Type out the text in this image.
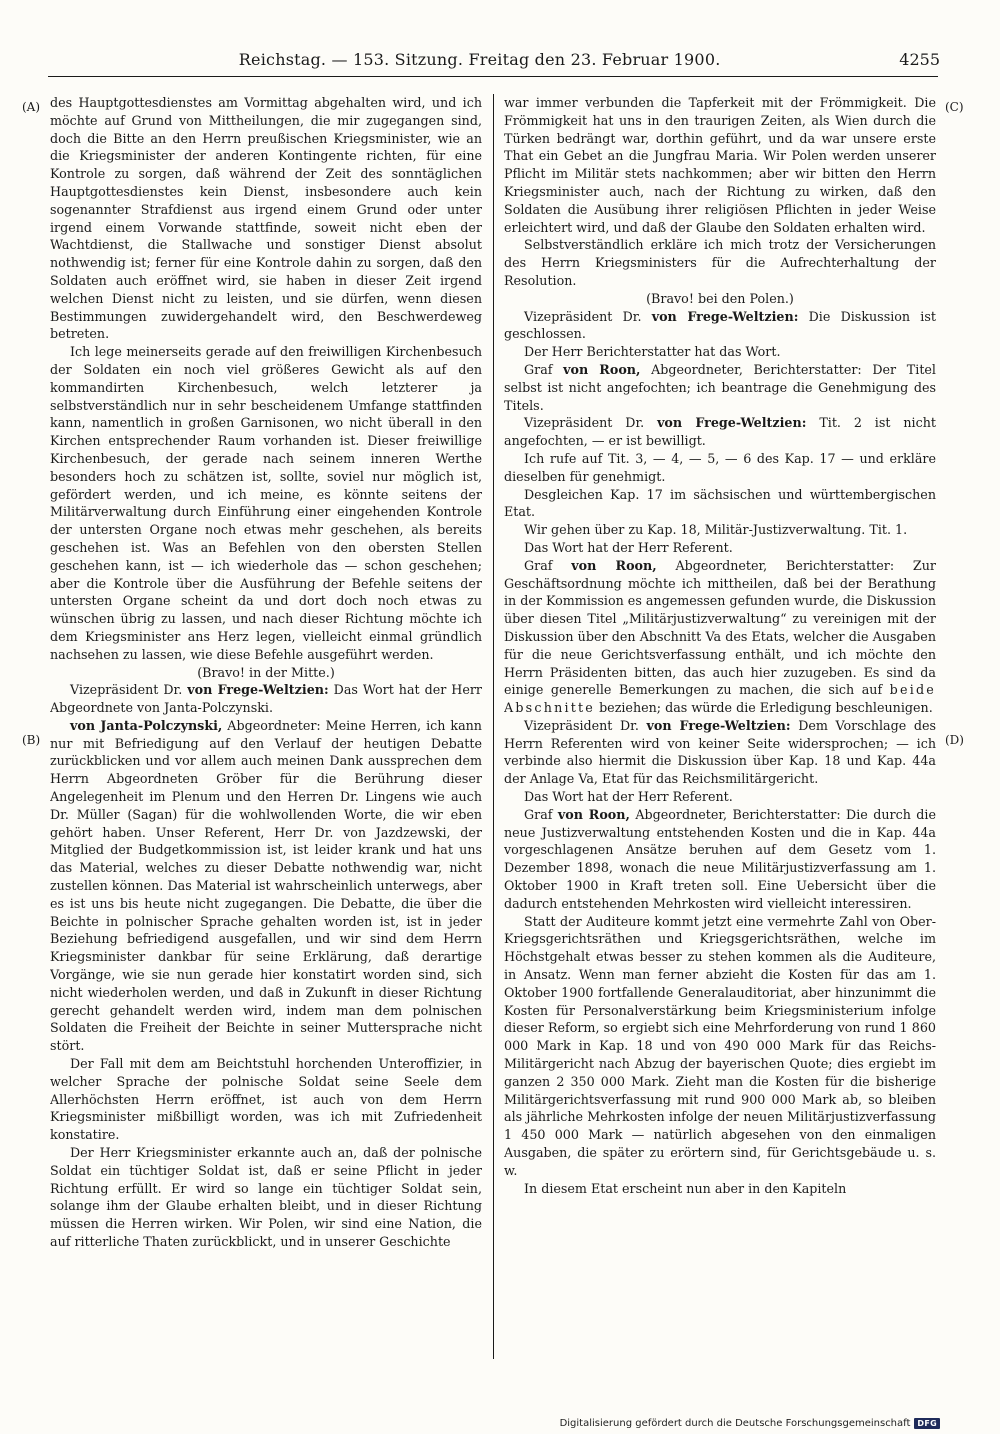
Reichstag. — 153. Sitzung. Freitag den 23. Februar 1900.	4255
(A)
(B)
(C)
(D)

des Hauptgottesdienstes am Vormittag abgehalten wird, und ich möchte auf Grund von Mittheilungen, die mir zugegangen sind, doch die Bitte an den Herrn preußischen Kriegsminister, wie an die Kriegsminister der anderen Kontingente richten, für eine Kontrole zu sorgen, daß während der Zeit des sonntäglichen Hauptgottesdienstes kein Dienst, insbesondere auch kein sogenannter Strafdienst aus irgend einem Grund oder unter irgend einem Vorwande stattfinde, soweit nicht eben der Wachtdienst, die Stallwache und sonstiger Dienst absolut nothwendig ist; ferner für eine Kontrole dahin zu sorgen, daß den Soldaten auch eröffnet wird, sie haben in dieser Zeit irgend welchen Dienst nicht zu leisten, und sie dürfen, wenn diesen Bestimmungen zuwidergehandelt wird, den Beschwerdeweg betreten.

Ich lege meinerseits gerade auf den freiwilligen Kirchenbesuch der Soldaten ein noch viel größeres Gewicht als auf den kommandirten Kirchenbesuch, welch letzterer ja selbstverständlich nur in sehr bescheidenem Umfange stattfinden kann, namentlich in großen Garnisonen, wo nicht überall in den Kirchen entsprechender Raum vorhanden ist. Dieser freiwillige Kirchenbesuch, der gerade nach seinem inneren Werthe besonders hoch zu schätzen ist, sollte, soviel nur möglich ist, gefördert werden, und ich meine, es könnte seitens der Militärverwaltung durch Einführung einer eingehenden Kontrole der untersten Organe noch etwas mehr geschehen, als bereits geschehen ist. Was an Befehlen von den obersten Stellen geschehen kann, ist — ich wiederhole das — schon geschehen; aber die Kontrole über die Ausführung der Befehle seitens der untersten Organe scheint da und dort doch noch etwas zu wünschen übrig zu lassen, und nach dieser Richtung möchte ich dem Kriegsminister ans Herz legen, vielleicht einmal gründlich nachsehen zu lassen, wie diese Befehle ausgeführt werden.

(Bravo! in der Mitte.)

Vizepräsident Dr. von Frege-Weltzien: Das Wort hat der Herr Abgeordnete von Janta-Polczynski.

von Janta-Polczynski, Abgeordneter: Meine Herren, ich kann nur mit Befriedigung auf den Verlauf der heutigen Debatte zurückblicken und vor allem auch meinen Dank aussprechen dem Herrn Abgeordneten Gröber für die Berührung dieser Angelegenheit im Plenum und den Herren Dr. Lingens wie auch Dr. Müller (Sagan) für die wohlwollenden Worte, die wir eben gehört haben. Unser Referent, Herr Dr. von Jazdzewski, der Mitglied der Budgetkommission ist, ist leider krank und hat uns das Material, welches zu dieser Debatte nothwendig war, nicht zustellen können. Das Material ist wahrscheinlich unterwegs, aber es ist uns bis heute nicht zugegangen. Die Debatte, die über die Beichte in polnischer Sprache gehalten worden ist, ist in jeder Beziehung befriedigend ausgefallen, und wir sind dem Herrn Kriegsminister dankbar für seine Erklärung, daß derartige Vorgänge, wie sie nun gerade hier konstatirt worden sind, sich nicht wiederholen werden, und daß in Zukunft in dieser Richtung gerecht gehandelt werden wird, indem man dem polnischen Soldaten die Freiheit der Beichte in seiner Muttersprache nicht stört.

Der Fall mit dem am Beichtstuhl horchenden Unteroffizier, in welcher Sprache der polnische Soldat seine Seele dem Allerhöchsten Herrn eröffnet, ist auch von dem Herrn Kriegsminister mißbilligt worden, was ich mit Zufriedenheit konstatire.

Der Herr Kriegsminister erkannte auch an, daß der polnische Soldat ein tüchtiger Soldat ist, daß er seine Pflicht in jeder Richtung erfüllt. Er wird so lange ein tüchtiger Soldat sein, solange ihm der Glaube erhalten bleibt, und in dieser Richtung müssen die Herren wirken. Wir Polen, wir sind eine Nation, die auf ritterliche Thaten zurückblickt, und in unserer Geschichte

war immer verbunden die Tapferkeit mit der Frömmigkeit. Die Frömmigkeit hat uns in den traurigen Zeiten, als Wien durch die Türken bedrängt war, dorthin geführt, und da war unsere erste That ein Gebet an die Jungfrau Maria. Wir Polen werden unserer Pflicht im Militär stets nachkommen; aber wir bitten den Herrn Kriegsminister auch, nach der Richtung zu wirken, daß den Soldaten die Ausübung ihrer religiösen Pflichten in jeder Weise erleichtert wird, und daß der Glaube den Soldaten erhalten wird.

Selbstverständlich erkläre ich mich trotz der Versicherungen des Herrn Kriegsministers für die Aufrechterhaltung der Resolution.

(Bravo! bei den Polen.)

Vizepräsident Dr. von Frege-Weltzien: Die Diskussion ist geschlossen.

Der Herr Berichterstatter hat das Wort.

Graf von Roon, Abgeordneter, Berichterstatter: Der Titel selbst ist nicht angefochten; ich beantrage die Genehmigung des Titels.

Vizepräsident Dr. von Frege-Weltzien: Tit. 2 ist nicht angefochten, — er ist bewilligt.

Ich rufe auf Tit. 3, — 4, — 5, — 6 des Kap. 17 — und erkläre dieselben für genehmigt.

Desgleichen Kap. 17 im sächsischen und württembergischen Etat.

Wir gehen über zu Kap. 18, Militär-Justizverwaltung. Tit. 1.

Das Wort hat der Herr Referent.

Graf von Roon, Abgeordneter, Berichterstatter: Zur Geschäftsordnung möchte ich mittheilen, daß bei der Berathung in der Kommission es angemessen gefunden wurde, die Diskussion über diesen Titel „Militärjustizverwaltung“ zu vereinigen mit der Diskussion über den Abschnitt Va des Etats, welcher die Ausgaben für die neue Gerichtsverfassung enthält, und ich möchte den Herrn Präsidenten bitten, das auch hier zuzugeben. Es sind da einige generelle Bemerkungen zu machen, die sich auf beide Abschnitte beziehen; das würde die Erledigung beschleunigen.

Vizepräsident Dr. von Frege-Weltzien: Dem Vorschlage des Herrn Referenten wird von keiner Seite widersprochen; — ich verbinde also hiermit die Diskussion über Kap. 18 und Kap. 44a der Anlage Va, Etat für das Reichsmilitärgericht.

Das Wort hat der Herr Referent.

Graf von Roon, Abgeordneter, Berichterstatter: Die durch die neue Justizverwaltung entstehenden Kosten und die in Kap. 44a vorgeschlagenen Ansätze beruhen auf dem Gesetz vom 1. Dezember 1898, wonach die neue Militärjustizverfassung am 1. Oktober 1900 in Kraft treten soll. Eine Uebersicht über die dadurch entstehenden Mehrkosten wird vielleicht interessiren.

Statt der Auditeure kommt jetzt eine vermehrte Zahl von Ober-Kriegsgerichtsräthen und Kriegsgerichtsräthen, welche im Höchstgehalt etwas besser zu stehen kommen als die Auditeure, in Ansatz. Wenn man ferner abzieht die Kosten für das am 1. Oktober 1900 fortfallende Generalauditoriat, aber hinzunimmt die Kosten für Personalverstärkung beim Kriegsministerium infolge dieser Reform, so ergiebt sich eine Mehrforderung von rund 1 860 000 Mark in Kap. 18 und von 490 000 Mark für das Reichs-Militärgericht nach Abzug der bayerischen Quote; dies ergiebt im ganzen 2 350 000 Mark. Zieht man die Kosten für die bisherige Militärgerichtsverfassung mit rund 900 000 Mark ab, so bleiben als jährliche Mehrkosten infolge der neuen Militärjustizverfassung 1 450 000 Mark — natürlich abgesehen von den einmaligen Ausgaben, die später zu erörtern sind, für Gerichtsgebäude u. s. w.

In diesem Etat erscheint nun aber in den Kapiteln

Digitalisierung gefördert durch die Deutsche Forschungsgemeinschaft DFG
